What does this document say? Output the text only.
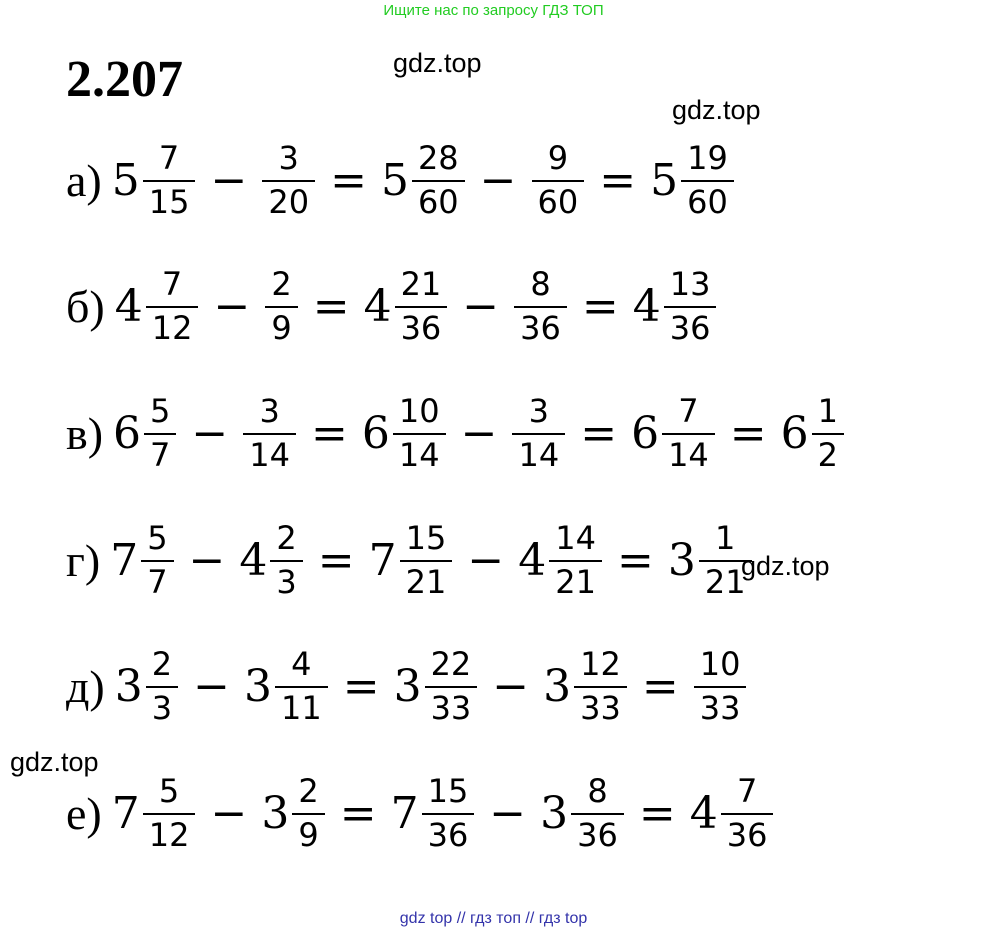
Ищите нас по запросу ГДЗ ТОП
2.207	gdz.top
gdz.top
gdz.top
gdz.top
а) $5 \frac{7}{15} - \frac{3}{20} = 5 \frac{28}{60} - \frac{9}{60} = 5 \frac{19}{60}$
б) $4 \frac{7}{12} - \frac{2}{9} = 4 \frac{21}{36} - \frac{8}{36} = 4 \frac{13}{36}$
в) $6 \frac{5}{7} - \frac{3}{14} = 6 \frac{10}{14} - \frac{3}{14} = 6 \frac{7}{14} = 6 \frac{1}{2}$
г) $7 \frac{5}{7} - 4 \frac{2}{3} = 7 \frac{15}{21} - 4 \frac{14}{21} = 3 \frac{1}{21}$
д) $3 \frac{2}{3} - 3 \frac{4}{11} = 3 \frac{22}{33} - 3 \frac{12}{33} = \frac{10}{33}$
е) $7 \frac{5}{12} - 3 \frac{2}{9} = 7 \frac{15}{36} - 3 \frac{8}{36} = 4 \frac{7}{36}$
gdz top // гдз топ // гдз top
